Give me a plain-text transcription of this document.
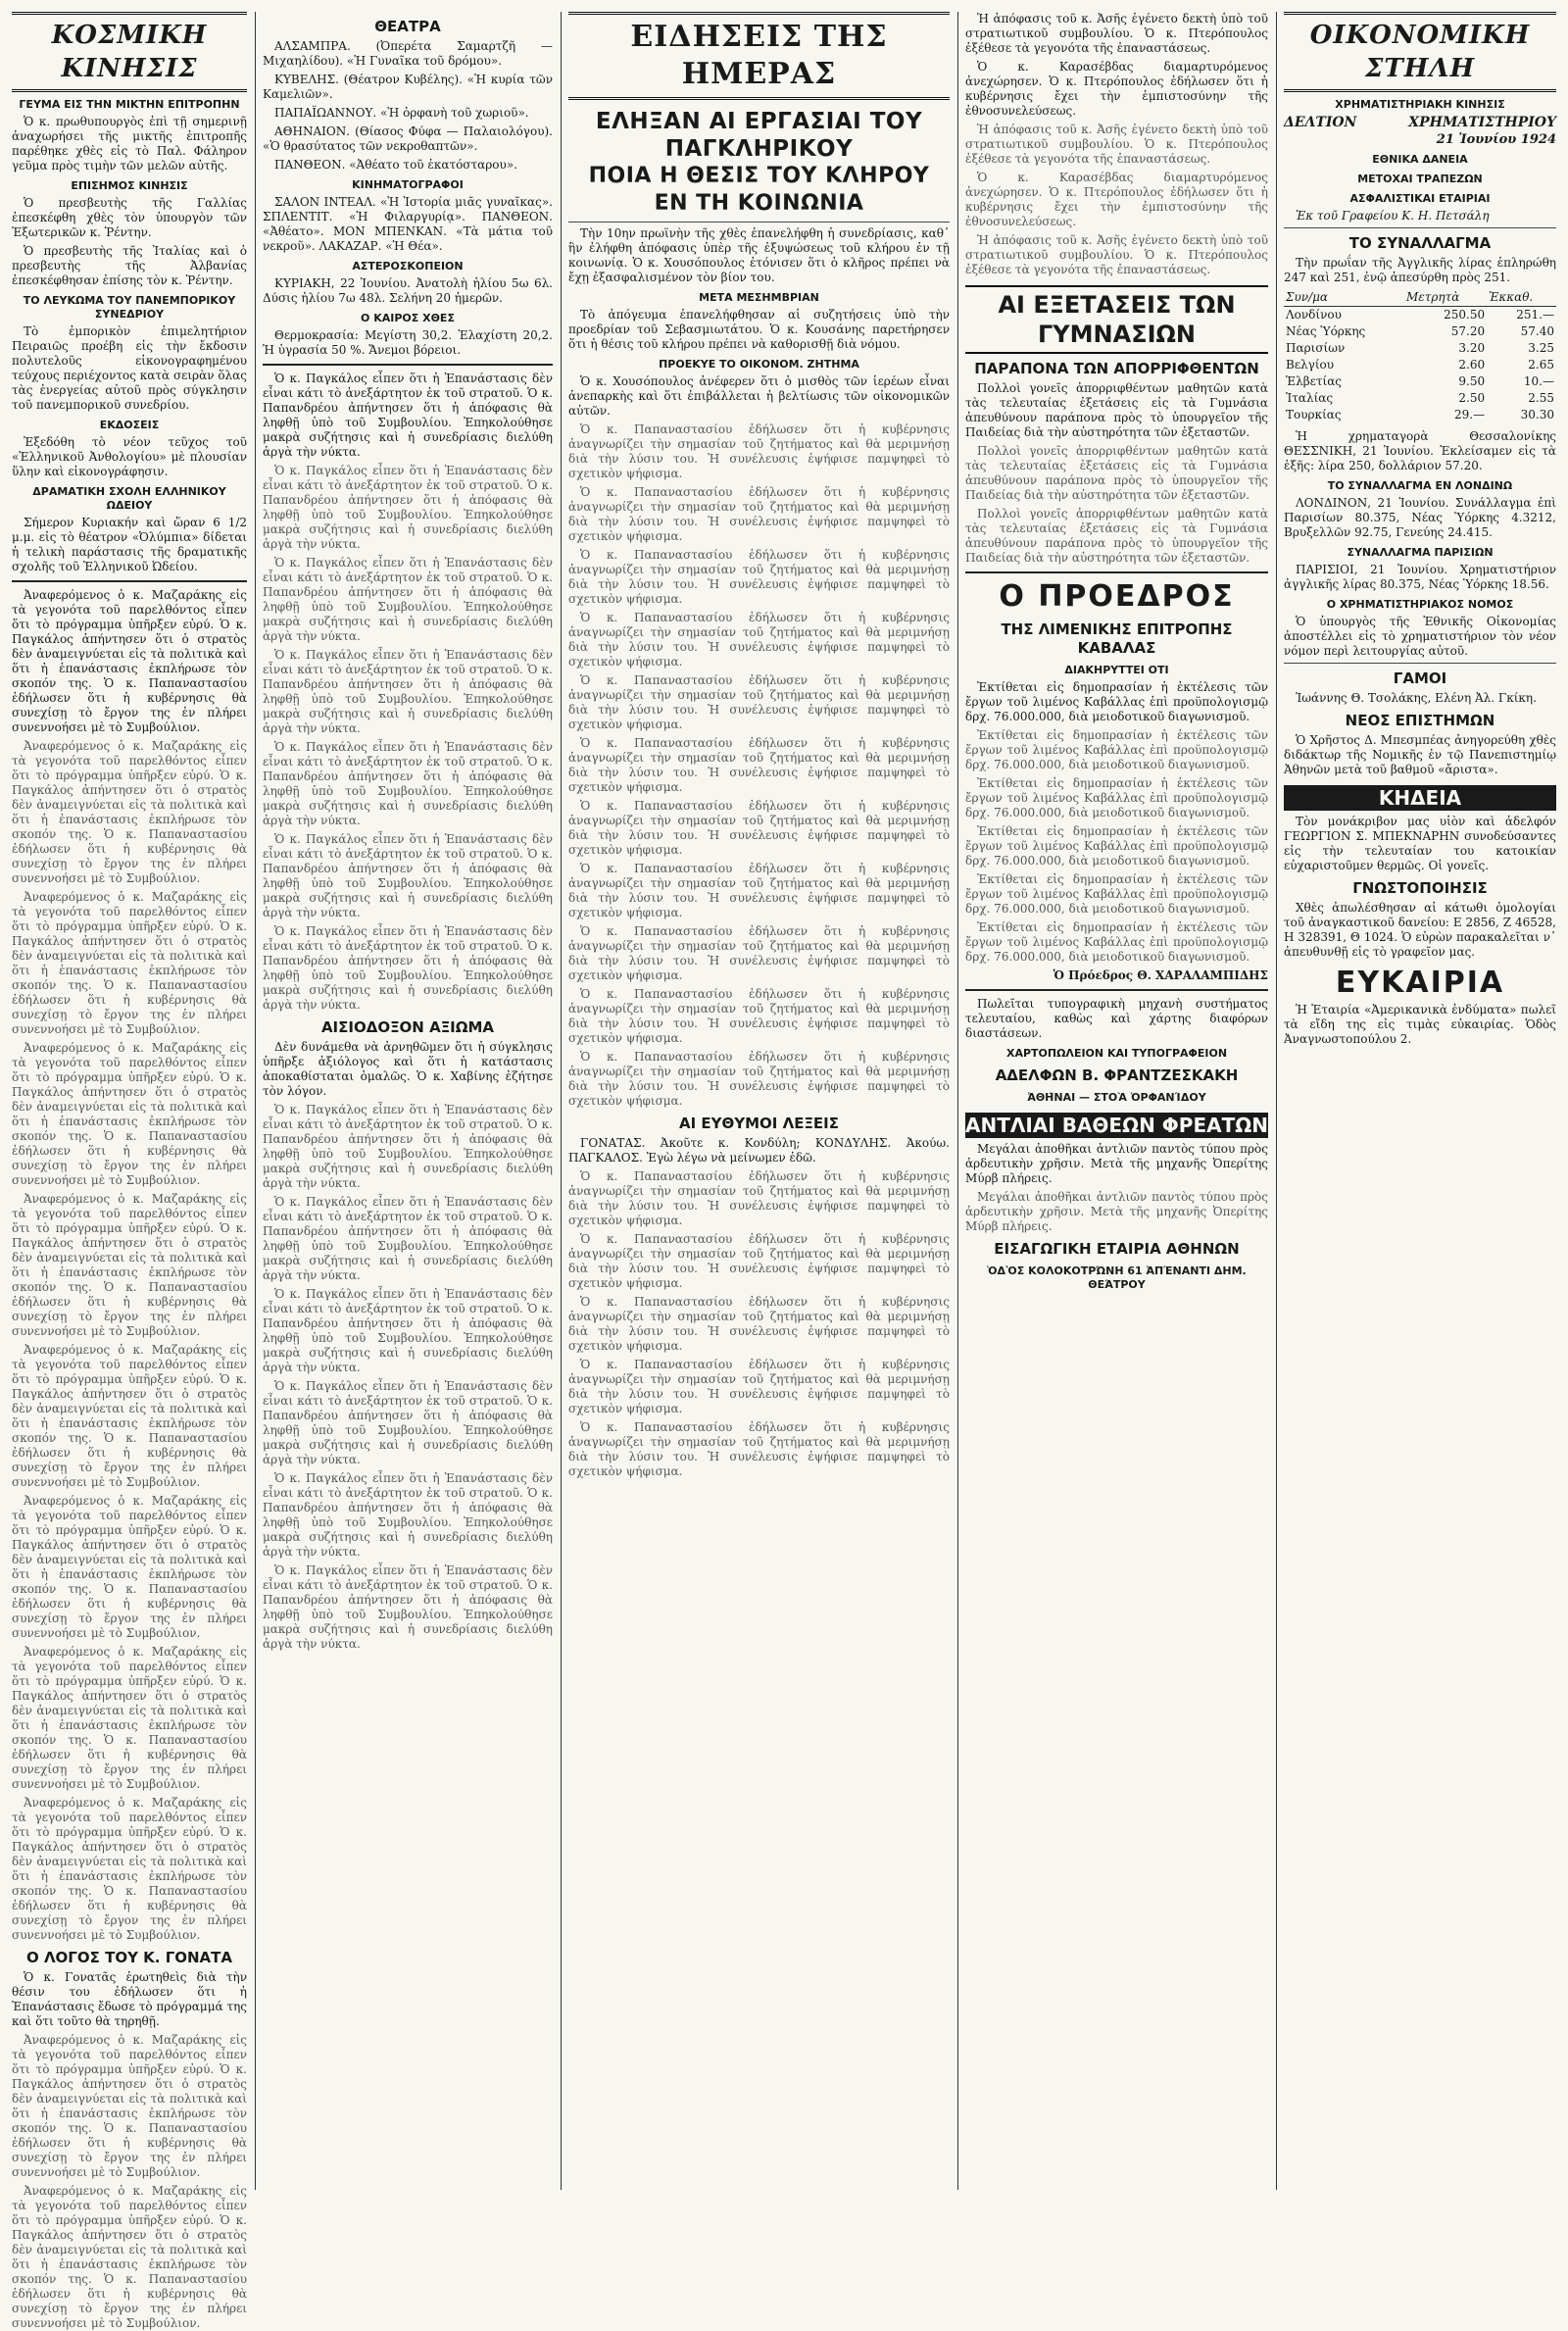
ΚΟΣΜΙΚΗ ΚΙΝΗΣΙΣ
ΓΕΥΜΑ ΕΙΣ ΤΗΝ ΜΙΚΤΗΝ ΕΠΙΤΡΟΠΗΝ

Ὁ κ. πρωθυπουργὸς ἐπὶ τῇ σημερινῇ ἀναχωρήσει τῆς μικτῆς ἐπιτροπῆς παρέθηκε χθὲς εἰς τὸ Παλ. Φάληρον γεῦμα πρὸς τιμὴν τῶν μελῶν αὐτῆς.

ΕΠΙΣΗΜΟΣ ΚΙΝΗΣΙΣ

Ὁ πρεσβευτὴς τῆς Γαλλίας ἐπεσκέφθη χθὲς τὸν ὑπουργὸν τῶν Ἐξωτερικῶν κ. Ῥέντην.

Ὁ πρεσβευτὴς τῆς Ἰταλίας καὶ ὁ πρεσβευτὴς τῆς Ἀλβανίας ἐπεσκέφθησαν ἐπίσης τὸν κ. Ῥέντην.

ΤΟ ΛΕΥΚΩΜΑ ΤΟΥ ΠΑΝΕΜΠΟΡΙΚΟΥ ΣΥΝΕΔΡΙΟΥ

Τὸ ἐμπορικὸν ἐπιμελητήριον Πειραιῶς προέβη εἰς τὴν ἔκδοσιν πολυτελοῦς εἰκονογραφημένου τεύχους περιέχοντος κατὰ σειρὰν ὅλας τὰς ἐνεργείας αὐτοῦ πρὸς σύγκλησιν τοῦ πανεμπορικοῦ συνεδρίου.

ΕΚΔΟΣΕΙΣ

Ἐξεδόθη τὸ νέον τεῦχος τοῦ «Ἑλληνικοῦ Ἀνθολογίου» μὲ πλουσίαν ὕλην καὶ εἰκονογράφησιν.

ΔΡΑΜΑΤΙΚΗ ΣΧΟΛΗ ΕΛΛΗΝΙΚΟΥ ΩΔΕΙΟΥ

Σήμερον Κυριακήν καὶ ὥραν 6 1/2 μ.μ. εἰς τὸ θέατρον «Ὀλύμπια» δίδεται ἡ τελικὴ παράστασις τῆς δραματικῆς σχολῆς τοῦ Ἑλληνικοῦ Ὠδείου.

Ἀναφερόμενος ὁ κ. Μαζαράκης εἰς τὰ γεγονότα τοῦ παρελθόντος εἶπεν ὅτι τὸ πρόγραμμα ὑπῆρξεν εὐρύ. Ὁ κ. Παγκάλος ἀπήντησεν ὅτι ὁ στρατὸς δὲν ἀναμειγνύεται εἰς τὰ πολιτικὰ καὶ ὅτι ἡ ἐπανάστασις ἐκπλήρωσε τὸν σκοπόν της. Ὁ κ. Παπαναστασίου ἐδήλωσεν ὅτι ἡ κυβέρνησις θὰ συνεχίσῃ τὸ ἔργον της ἐν πλήρει συνεννοήσει μὲ τὸ Συμβούλιον.

Ἀναφερόμενος ὁ κ. Μαζαράκης εἰς τὰ γεγονότα τοῦ παρελθόντος εἶπεν ὅτι τὸ πρόγραμμα ὑπῆρξεν εὐρύ. Ὁ κ. Παγκάλος ἀπήντησεν ὅτι ὁ στρατὸς δὲν ἀναμειγνύεται εἰς τὰ πολιτικὰ καὶ ὅτι ἡ ἐπανάστασις ἐκπλήρωσε τὸν σκοπόν της. Ὁ κ. Παπαναστασίου ἐδήλωσεν ὅτι ἡ κυβέρνησις θὰ συνεχίσῃ τὸ ἔργον της ἐν πλήρει συνεννοήσει μὲ τὸ Συμβούλιον.

Ἀναφερόμενος ὁ κ. Μαζαράκης εἰς τὰ γεγονότα τοῦ παρελθόντος εἶπεν ὅτι τὸ πρόγραμμα ὑπῆρξεν εὐρύ. Ὁ κ. Παγκάλος ἀπήντησεν ὅτι ὁ στρατὸς δὲν ἀναμειγνύεται εἰς τὰ πολιτικὰ καὶ ὅτι ἡ ἐπανάστασις ἐκπλήρωσε τὸν σκοπόν της. Ὁ κ. Παπαναστασίου ἐδήλωσεν ὅτι ἡ κυβέρνησις θὰ συνεχίσῃ τὸ ἔργον της ἐν πλήρει συνεννοήσει μὲ τὸ Συμβούλιον.

Ἀναφερόμενος ὁ κ. Μαζαράκης εἰς τὰ γεγονότα τοῦ παρελθόντος εἶπεν ὅτι τὸ πρόγραμμα ὑπῆρξεν εὐρύ. Ὁ κ. Παγκάλος ἀπήντησεν ὅτι ὁ στρατὸς δὲν ἀναμειγνύεται εἰς τὰ πολιτικὰ καὶ ὅτι ἡ ἐπανάστασις ἐκπλήρωσε τὸν σκοπόν της. Ὁ κ. Παπαναστασίου ἐδήλωσεν ὅτι ἡ κυβέρνησις θὰ συνεχίσῃ τὸ ἔργον της ἐν πλήρει συνεννοήσει μὲ τὸ Συμβούλιον.

Ἀναφερόμενος ὁ κ. Μαζαράκης εἰς τὰ γεγονότα τοῦ παρελθόντος εἶπεν ὅτι τὸ πρόγραμμα ὑπῆρξεν εὐρύ. Ὁ κ. Παγκάλος ἀπήντησεν ὅτι ὁ στρατὸς δὲν ἀναμειγνύεται εἰς τὰ πολιτικὰ καὶ ὅτι ἡ ἐπανάστασις ἐκπλήρωσε τὸν σκοπόν της. Ὁ κ. Παπαναστασίου ἐδήλωσεν ὅτι ἡ κυβέρνησις θὰ συνεχίσῃ τὸ ἔργον της ἐν πλήρει συνεννοήσει μὲ τὸ Συμβούλιον.

Ἀναφερόμενος ὁ κ. Μαζαράκης εἰς τὰ γεγονότα τοῦ παρελθόντος εἶπεν ὅτι τὸ πρόγραμμα ὑπῆρξεν εὐρύ. Ὁ κ. Παγκάλος ἀπήντησεν ὅτι ὁ στρατὸς δὲν ἀναμειγνύεται εἰς τὰ πολιτικὰ καὶ ὅτι ἡ ἐπανάστασις ἐκπλήρωσε τὸν σκοπόν της. Ὁ κ. Παπαναστασίου ἐδήλωσεν ὅτι ἡ κυβέρνησις θὰ συνεχίσῃ τὸ ἔργον της ἐν πλήρει συνεννοήσει μὲ τὸ Συμβούλιον.

Ἀναφερόμενος ὁ κ. Μαζαράκης εἰς τὰ γεγονότα τοῦ παρελθόντος εἶπεν ὅτι τὸ πρόγραμμα ὑπῆρξεν εὐρύ. Ὁ κ. Παγκάλος ἀπήντησεν ὅτι ὁ στρατὸς δὲν ἀναμειγνύεται εἰς τὰ πολιτικὰ καὶ ὅτι ἡ ἐπανάστασις ἐκπλήρωσε τὸν σκοπόν της. Ὁ κ. Παπαναστασίου ἐδήλωσεν ὅτι ἡ κυβέρνησις θὰ συνεχίσῃ τὸ ἔργον της ἐν πλήρει συνεννοήσει μὲ τὸ Συμβούλιον.

Ἀναφερόμενος ὁ κ. Μαζαράκης εἰς τὰ γεγονότα τοῦ παρελθόντος εἶπεν ὅτι τὸ πρόγραμμα ὑπῆρξεν εὐρύ. Ὁ κ. Παγκάλος ἀπήντησεν ὅτι ὁ στρατὸς δὲν ἀναμειγνύεται εἰς τὰ πολιτικὰ καὶ ὅτι ἡ ἐπανάστασις ἐκπλήρωσε τὸν σκοπόν της. Ὁ κ. Παπαναστασίου ἐδήλωσεν ὅτι ἡ κυβέρνησις θὰ συνεχίσῃ τὸ ἔργον της ἐν πλήρει συνεννοήσει μὲ τὸ Συμβούλιον.

Ἀναφερόμενος ὁ κ. Μαζαράκης εἰς τὰ γεγονότα τοῦ παρελθόντος εἶπεν ὅτι τὸ πρόγραμμα ὑπῆρξεν εὐρύ. Ὁ κ. Παγκάλος ἀπήντησεν ὅτι ὁ στρατὸς δὲν ἀναμειγνύεται εἰς τὰ πολιτικὰ καὶ ὅτι ἡ ἐπανάστασις ἐκπλήρωσε τὸν σκοπόν της. Ὁ κ. Παπαναστασίου ἐδήλωσεν ὅτι ἡ κυβέρνησις θὰ συνεχίσῃ τὸ ἔργον της ἐν πλήρει συνεννοήσει μὲ τὸ Συμβούλιον.

Ο ΛΟΓΟΣ ΤΟΥ Κ. ΓΟΝΑΤΑ

Ὁ κ. Γονατᾶς ἐρωτηθεὶς διὰ τὴν θέσιν του ἐδήλωσεν ὅτι ἡ Ἐπανάστασις ἔδωσε τὸ πρόγραμμά της καὶ ὅτι τοῦτο θὰ τηρηθῇ.

Ἀναφερόμενος ὁ κ. Μαζαράκης εἰς τὰ γεγονότα τοῦ παρελθόντος εἶπεν ὅτι τὸ πρόγραμμα ὑπῆρξεν εὐρύ. Ὁ κ. Παγκάλος ἀπήντησεν ὅτι ὁ στρατὸς δὲν ἀναμειγνύεται εἰς τὰ πολιτικὰ καὶ ὅτι ἡ ἐπανάστασις ἐκπλήρωσε τὸν σκοπόν της. Ὁ κ. Παπαναστασίου ἐδήλωσεν ὅτι ἡ κυβέρνησις θὰ συνεχίσῃ τὸ ἔργον της ἐν πλήρει συνεννοήσει μὲ τὸ Συμβούλιον.

Ἀναφερόμενος ὁ κ. Μαζαράκης εἰς τὰ γεγονότα τοῦ παρελθόντος εἶπεν ὅτι τὸ πρόγραμμα ὑπῆρξεν εὐρύ. Ὁ κ. Παγκάλος ἀπήντησεν ὅτι ὁ στρατὸς δὲν ἀναμειγνύεται εἰς τὰ πολιτικὰ καὶ ὅτι ἡ ἐπανάστασις ἐκπλήρωσε τὸν σκοπόν της. Ὁ κ. Παπαναστασίου ἐδήλωσεν ὅτι ἡ κυβέρνησις θὰ συνεχίσῃ τὸ ἔργον της ἐν πλήρει συνεννοήσει μὲ τὸ Συμβούλιον.

ΘΕΑΤΡΑ

ΑΛΣΑΜΠΡΑ. (Ὀπερέτα Σαμαρτζῆ — Μιχαηλίδου). «Ἡ Γυναῖκα τοῦ δρόμου».

ΚΥΒΕΛΗΣ. (Θέατρον Κυβέλης). «Ἡ κυρία τῶν Καμελιῶν».

ΠΑΠΑΪΩΑΝΝΟΥ. «Ἡ ὀρφανὴ τοῦ χωριοῦ».

ΑΘΗΝΑΙΟΝ. (Θίασος Φύφα — Παλαιολόγου). «Ὁ θρασύτατος τῶν νεκροθαπτῶν».

ΠΑΝΘΕΟΝ. «Ἀθέατο τοῦ ἐκατόσταρου».

ΚΙΝΗΜΑΤΟΓΡΑΦΟΙ

ΣΑΛΟΝ ΙΝΤΕΑΛ. «Ἡ Ἰστορία μιᾶς γυναῖκας». ΣΠΛΕΝΤΙΤ. «Ἡ Φιλαργυρίᾳ». ΠΑΝΘΕΟΝ. «Ἀθέατο». ΜΟΝ ΜΠΕΝΚΑΝ. «Τὰ μάτια τοῦ νεκροῦ». ΛΑΚΑΖΑΡ. «Ἡ Θέα».

ΑΣΤΕΡΟΣΚΟΠΕΙΟΝ

ΚΥΡΙΑΚΗ, 22 Ἰουνίου. Ἀνατολὴ ἡλίου 5ω 6λ. Δύσις ἡλίου 7ω 48λ. Σελήνη 20 ἡμερῶν.

Ο ΚΑΙΡΟΣ ΧΘΕΣ

Θερμοκρασία: Μεγίστη 30,2. Ἐλαχίστη 20,2. Ἡ ὑγρασία 50 %. Ἄνεμοι βόρειοι.

Ὁ κ. Παγκάλος εἶπεν ὅτι ἡ Ἐπανάστασις δὲν εἶναι κάτι τὸ ἀνεξάρτητον ἐκ τοῦ στρατοῦ. Ὁ κ. Παπανδρέου ἀπήντησεν ὅτι ἡ ἀπόφασις θὰ ληφθῇ ὑπὸ τοῦ Συμβουλίου. Ἐπηκολούθησε μακρὰ συζήτησις καὶ ἡ συνεδρίασις διελύθη ἀργὰ τὴν νύκτα.

Ὁ κ. Παγκάλος εἶπεν ὅτι ἡ Ἐπανάστασις δὲν εἶναι κάτι τὸ ἀνεξάρτητον ἐκ τοῦ στρατοῦ. Ὁ κ. Παπανδρέου ἀπήντησεν ὅτι ἡ ἀπόφασις θὰ ληφθῇ ὑπὸ τοῦ Συμβουλίου. Ἐπηκολούθησε μακρὰ συζήτησις καὶ ἡ συνεδρίασις διελύθη ἀργὰ τὴν νύκτα.

Ὁ κ. Παγκάλος εἶπεν ὅτι ἡ Ἐπανάστασις δὲν εἶναι κάτι τὸ ἀνεξάρτητον ἐκ τοῦ στρατοῦ. Ὁ κ. Παπανδρέου ἀπήντησεν ὅτι ἡ ἀπόφασις θὰ ληφθῇ ὑπὸ τοῦ Συμβουλίου. Ἐπηκολούθησε μακρὰ συζήτησις καὶ ἡ συνεδρίασις διελύθη ἀργὰ τὴν νύκτα.

Ὁ κ. Παγκάλος εἶπεν ὅτι ἡ Ἐπανάστασις δὲν εἶναι κάτι τὸ ἀνεξάρτητον ἐκ τοῦ στρατοῦ. Ὁ κ. Παπανδρέου ἀπήντησεν ὅτι ἡ ἀπόφασις θὰ ληφθῇ ὑπὸ τοῦ Συμβουλίου. Ἐπηκολούθησε μακρὰ συζήτησις καὶ ἡ συνεδρίασις διελύθη ἀργὰ τὴν νύκτα.

Ὁ κ. Παγκάλος εἶπεν ὅτι ἡ Ἐπανάστασις δὲν εἶναι κάτι τὸ ἀνεξάρτητον ἐκ τοῦ στρατοῦ. Ὁ κ. Παπανδρέου ἀπήντησεν ὅτι ἡ ἀπόφασις θὰ ληφθῇ ὑπὸ τοῦ Συμβουλίου. Ἐπηκολούθησε μακρὰ συζήτησις καὶ ἡ συνεδρίασις διελύθη ἀργὰ τὴν νύκτα.

Ὁ κ. Παγκάλος εἶπεν ὅτι ἡ Ἐπανάστασις δὲν εἶναι κάτι τὸ ἀνεξάρτητον ἐκ τοῦ στρατοῦ. Ὁ κ. Παπανδρέου ἀπήντησεν ὅτι ἡ ἀπόφασις θὰ ληφθῇ ὑπὸ τοῦ Συμβουλίου. Ἐπηκολούθησε μακρὰ συζήτησις καὶ ἡ συνεδρίασις διελύθη ἀργὰ τὴν νύκτα.

Ὁ κ. Παγκάλος εἶπεν ὅτι ἡ Ἐπανάστασις δὲν εἶναι κάτι τὸ ἀνεξάρτητον ἐκ τοῦ στρατοῦ. Ὁ κ. Παπανδρέου ἀπήντησεν ὅτι ἡ ἀπόφασις θὰ ληφθῇ ὑπὸ τοῦ Συμβουλίου. Ἐπηκολούθησε μακρὰ συζήτησις καὶ ἡ συνεδρίασις διελύθη ἀργὰ τὴν νύκτα.

ΑΙΣΙΟΔΟΞΟΝ ΑΞΙΩΜΑ

Δὲν δυνάμεθα νὰ ἀρνηθῶμεν ὅτι ἡ σύγκλησις ὑπῆρξε ἀξιόλογος καὶ ὅτι ἡ κατάστασις ἀποκαθίσταται ὁμαλῶς. Ὁ κ. Χαβίνης ἐζήτησε τὸν λόγον.

Ὁ κ. Παγκάλος εἶπεν ὅτι ἡ Ἐπανάστασις δὲν εἶναι κάτι τὸ ἀνεξάρτητον ἐκ τοῦ στρατοῦ. Ὁ κ. Παπανδρέου ἀπήντησεν ὅτι ἡ ἀπόφασις θὰ ληφθῇ ὑπὸ τοῦ Συμβουλίου. Ἐπηκολούθησε μακρὰ συζήτησις καὶ ἡ συνεδρίασις διελύθη ἀργὰ τὴν νύκτα.

Ὁ κ. Παγκάλος εἶπεν ὅτι ἡ Ἐπανάστασις δὲν εἶναι κάτι τὸ ἀνεξάρτητον ἐκ τοῦ στρατοῦ. Ὁ κ. Παπανδρέου ἀπήντησεν ὅτι ἡ ἀπόφασις θὰ ληφθῇ ὑπὸ τοῦ Συμβουλίου. Ἐπηκολούθησε μακρὰ συζήτησις καὶ ἡ συνεδρίασις διελύθη ἀργὰ τὴν νύκτα.

Ὁ κ. Παγκάλος εἶπεν ὅτι ἡ Ἐπανάστασις δὲν εἶναι κάτι τὸ ἀνεξάρτητον ἐκ τοῦ στρατοῦ. Ὁ κ. Παπανδρέου ἀπήντησεν ὅτι ἡ ἀπόφασις θὰ ληφθῇ ὑπὸ τοῦ Συμβουλίου. Ἐπηκολούθησε μακρὰ συζήτησις καὶ ἡ συνεδρίασις διελύθη ἀργὰ τὴν νύκτα.

Ὁ κ. Παγκάλος εἶπεν ὅτι ἡ Ἐπανάστασις δὲν εἶναι κάτι τὸ ἀνεξάρτητον ἐκ τοῦ στρατοῦ. Ὁ κ. Παπανδρέου ἀπήντησεν ὅτι ἡ ἀπόφασις θὰ ληφθῇ ὑπὸ τοῦ Συμβουλίου. Ἐπηκολούθησε μακρὰ συζήτησις καὶ ἡ συνεδρίασις διελύθη ἀργὰ τὴν νύκτα.

Ὁ κ. Παγκάλος εἶπεν ὅτι ἡ Ἐπανάστασις δὲν εἶναι κάτι τὸ ἀνεξάρτητον ἐκ τοῦ στρατοῦ. Ὁ κ. Παπανδρέου ἀπήντησεν ὅτι ἡ ἀπόφασις θὰ ληφθῇ ὑπὸ τοῦ Συμβουλίου. Ἐπηκολούθησε μακρὰ συζήτησις καὶ ἡ συνεδρίασις διελύθη ἀργὰ τὴν νύκτα.

Ὁ κ. Παγκάλος εἶπεν ὅτι ἡ Ἐπανάστασις δὲν εἶναι κάτι τὸ ἀνεξάρτητον ἐκ τοῦ στρατοῦ. Ὁ κ. Παπανδρέου ἀπήντησεν ὅτι ἡ ἀπόφασις θὰ ληφθῇ ὑπὸ τοῦ Συμβουλίου. Ἐπηκολούθησε μακρὰ συζήτησις καὶ ἡ συνεδρίασις διελύθη ἀργὰ τὴν νύκτα.

ΕΙΔΗΣΕΙΣ ΤΗΣ ΗΜΕΡΑΣ
ΕΛΗΞΑΝ ΑΙ ΕΡΓΑΣΙΑΙ ΤΟΥ ΠΑΓΚΛΗΡΙΚΟΥ
ΠΟΙΑ Η ΘΕΣΙΣ ΤΟΥ ΚΛΗΡΟΥ ΕΝ ΤΗ ΚΟΙΝΩΝΙΑ

Τὴν 10ην πρωϊνὴν τῆς χθὲς ἐπανελήφθη ἡ συνεδρίασις, καθ᾽ ἣν ἐλήφθη ἀπόφασις ὑπὲρ τῆς ἐξυψώσεως τοῦ κλήρου ἐν τῇ κοινωνίᾳ. Ὁ κ. Χουσόπουλος ἐτόνισεν ὅτι ὁ κλῆρος πρέπει νὰ ἔχῃ ἐξασφαλισμένον τὸν βίον του.

ΜΕΤΑ ΜΕΣΗΜΒΡΙΑΝ

Τὸ ἀπόγευμα ἐπανελήφθησαν αἱ συζητήσεις ὑπὸ τὴν προεδρίαν τοῦ Σεβασμιωτάτου. Ὁ κ. Κουσάνης παρετήρησεν ὅτι ἡ θέσις τοῦ κλήρου πρέπει νὰ καθορισθῇ διὰ νόμου.

ΠΡΟΕΚΥΕ ΤΟ ΟΙΚΟΝΟΜ. ΖΗΤΗΜΑ

Ὁ κ. Χουσόπουλος ἀνέφερεν ὅτι ὁ μισθὸς τῶν ἱερέων εἶναι ἀνεπαρκὴς καὶ ὅτι ἐπιβάλλεται ἡ βελτίωσις τῶν οἰκονομικῶν αὐτῶν.

Ὁ κ. Παπαναστασίου ἐδήλωσεν ὅτι ἡ κυβέρνησις ἀναγνωρίζει τὴν σημασίαν τοῦ ζητήματος καὶ θὰ μεριμνήσῃ διὰ τὴν λύσιν του. Ἡ συνέλευσις ἐψήφισε παμψηφεὶ τὸ σχετικὸν ψήφισμα.

Ὁ κ. Παπαναστασίου ἐδήλωσεν ὅτι ἡ κυβέρνησις ἀναγνωρίζει τὴν σημασίαν τοῦ ζητήματος καὶ θὰ μεριμνήσῃ διὰ τὴν λύσιν του. Ἡ συνέλευσις ἐψήφισε παμψηφεὶ τὸ σχετικὸν ψήφισμα.

Ὁ κ. Παπαναστασίου ἐδήλωσεν ὅτι ἡ κυβέρνησις ἀναγνωρίζει τὴν σημασίαν τοῦ ζητήματος καὶ θὰ μεριμνήσῃ διὰ τὴν λύσιν του. Ἡ συνέλευσις ἐψήφισε παμψηφεὶ τὸ σχετικὸν ψήφισμα.

Ὁ κ. Παπαναστασίου ἐδήλωσεν ὅτι ἡ κυβέρνησις ἀναγνωρίζει τὴν σημασίαν τοῦ ζητήματος καὶ θὰ μεριμνήσῃ διὰ τὴν λύσιν του. Ἡ συνέλευσις ἐψήφισε παμψηφεὶ τὸ σχετικὸν ψήφισμα.

Ὁ κ. Παπαναστασίου ἐδήλωσεν ὅτι ἡ κυβέρνησις ἀναγνωρίζει τὴν σημασίαν τοῦ ζητήματος καὶ θὰ μεριμνήσῃ διὰ τὴν λύσιν του. Ἡ συνέλευσις ἐψήφισε παμψηφεὶ τὸ σχετικὸν ψήφισμα.

Ὁ κ. Παπαναστασίου ἐδήλωσεν ὅτι ἡ κυβέρνησις ἀναγνωρίζει τὴν σημασίαν τοῦ ζητήματος καὶ θὰ μεριμνήσῃ διὰ τὴν λύσιν του. Ἡ συνέλευσις ἐψήφισε παμψηφεὶ τὸ σχετικὸν ψήφισμα.

Ὁ κ. Παπαναστασίου ἐδήλωσεν ὅτι ἡ κυβέρνησις ἀναγνωρίζει τὴν σημασίαν τοῦ ζητήματος καὶ θὰ μεριμνήσῃ διὰ τὴν λύσιν του. Ἡ συνέλευσις ἐψήφισε παμψηφεὶ τὸ σχετικὸν ψήφισμα.

Ὁ κ. Παπαναστασίου ἐδήλωσεν ὅτι ἡ κυβέρνησις ἀναγνωρίζει τὴν σημασίαν τοῦ ζητήματος καὶ θὰ μεριμνήσῃ διὰ τὴν λύσιν του. Ἡ συνέλευσις ἐψήφισε παμψηφεὶ τὸ σχετικὸν ψήφισμα.

Ὁ κ. Παπαναστασίου ἐδήλωσεν ὅτι ἡ κυβέρνησις ἀναγνωρίζει τὴν σημασίαν τοῦ ζητήματος καὶ θὰ μεριμνήσῃ διὰ τὴν λύσιν του. Ἡ συνέλευσις ἐψήφισε παμψηφεὶ τὸ σχετικὸν ψήφισμα.

Ὁ κ. Παπαναστασίου ἐδήλωσεν ὅτι ἡ κυβέρνησις ἀναγνωρίζει τὴν σημασίαν τοῦ ζητήματος καὶ θὰ μεριμνήσῃ διὰ τὴν λύσιν του. Ἡ συνέλευσις ἐψήφισε παμψηφεὶ τὸ σχετικὸν ψήφισμα.

Ὁ κ. Παπαναστασίου ἐδήλωσεν ὅτι ἡ κυβέρνησις ἀναγνωρίζει τὴν σημασίαν τοῦ ζητήματος καὶ θὰ μεριμνήσῃ διὰ τὴν λύσιν του. Ἡ συνέλευσις ἐψήφισε παμψηφεὶ τὸ σχετικὸν ψήφισμα.

ΑΙ ΕΥΘΥΜΟΙ ΛΕΞΕΙΣ

ΓΟΝΑΤΑΣ. Ἀκοῦτε κ. Κονδύλη; ΚΟΝΔΥΛΗΣ. Ἀκούω. ΠΑΓΚΑΛΟΣ. Ἐγὼ λέγω νὰ μείνωμεν ἐδῶ.

Ὁ κ. Παπαναστασίου ἐδήλωσεν ὅτι ἡ κυβέρνησις ἀναγνωρίζει τὴν σημασίαν τοῦ ζητήματος καὶ θὰ μεριμνήσῃ διὰ τὴν λύσιν του. Ἡ συνέλευσις ἐψήφισε παμψηφεὶ τὸ σχετικὸν ψήφισμα.

Ὁ κ. Παπαναστασίου ἐδήλωσεν ὅτι ἡ κυβέρνησις ἀναγνωρίζει τὴν σημασίαν τοῦ ζητήματος καὶ θὰ μεριμνήσῃ διὰ τὴν λύσιν του. Ἡ συνέλευσις ἐψήφισε παμψηφεὶ τὸ σχετικὸν ψήφισμα.

Ὁ κ. Παπαναστασίου ἐδήλωσεν ὅτι ἡ κυβέρνησις ἀναγνωρίζει τὴν σημασίαν τοῦ ζητήματος καὶ θὰ μεριμνήσῃ διὰ τὴν λύσιν του. Ἡ συνέλευσις ἐψήφισε παμψηφεὶ τὸ σχετικὸν ψήφισμα.

Ὁ κ. Παπαναστασίου ἐδήλωσεν ὅτι ἡ κυβέρνησις ἀναγνωρίζει τὴν σημασίαν τοῦ ζητήματος καὶ θὰ μεριμνήσῃ διὰ τὴν λύσιν του. Ἡ συνέλευσις ἐψήφισε παμψηφεὶ τὸ σχετικὸν ψήφισμα.

Ὁ κ. Παπαναστασίου ἐδήλωσεν ὅτι ἡ κυβέρνησις ἀναγνωρίζει τὴν σημασίαν τοῦ ζητήματος καὶ θὰ μεριμνήσῃ διὰ τὴν λύσιν του. Ἡ συνέλευσις ἐψήφισε παμψηφεὶ τὸ σχετικὸν ψήφισμα.

Ἡ ἀπόφασις τοῦ κ. Ἀσῆς ἐγένετο δεκτὴ ὑπὸ τοῦ στρατιωτικοῦ συμβουλίου. Ὁ κ. Πτερόπουλος ἐξέθεσε τὰ γεγονότα τῆς ἐπαναστάσεως.

Ὁ κ. Καρασέβδας διαμαρτυρόμενος ἀνεχώρησεν. Ὁ κ. Πτερόπουλος ἐδήλωσεν ὅτι ἡ κυβέρνησις ἔχει τὴν ἐμπιστοσύνην τῆς ἐθνοσυνελεύσεως.

Ἡ ἀπόφασις τοῦ κ. Ἀσῆς ἐγένετο δεκτὴ ὑπὸ τοῦ στρατιωτικοῦ συμβουλίου. Ὁ κ. Πτερόπουλος ἐξέθεσε τὰ γεγονότα τῆς ἐπαναστάσεως.

Ὁ κ. Καρασέβδας διαμαρτυρόμενος ἀνεχώρησεν. Ὁ κ. Πτερόπουλος ἐδήλωσεν ὅτι ἡ κυβέρνησις ἔχει τὴν ἐμπιστοσύνην τῆς ἐθνοσυνελεύσεως.

Ἡ ἀπόφασις τοῦ κ. Ἀσῆς ἐγένετο δεκτὴ ὑπὸ τοῦ στρατιωτικοῦ συμβουλίου. Ὁ κ. Πτερόπουλος ἐξέθεσε τὰ γεγονότα τῆς ἐπαναστάσεως.

ΑΙ ΕΞΕΤΑΣΕΙΣ ΤΩΝ ΓΥΜΝΑΣΙΩΝ
ΠΑΡΑΠΟΝΑ ΤΩΝ ΑΠΟΡΡΙΦΘΕΝΤΩΝ

Πολλοὶ γονεῖς ἀπορριφθέντων μαθητῶν κατὰ τὰς τελευταίας ἐξετάσεις εἰς τὰ Γυμνάσια ἀπευθύνουν παράπονα πρὸς τὸ ὑπουργεῖον τῆς Παιδείας διὰ τὴν αὐστηρότητα τῶν ἐξεταστῶν.

Πολλοὶ γονεῖς ἀπορριφθέντων μαθητῶν κατὰ τὰς τελευταίας ἐξετάσεις εἰς τὰ Γυμνάσια ἀπευθύνουν παράπονα πρὸς τὸ ὑπουργεῖον τῆς Παιδείας διὰ τὴν αὐστηρότητα τῶν ἐξεταστῶν.

Πολλοὶ γονεῖς ἀπορριφθέντων μαθητῶν κατὰ τὰς τελευταίας ἐξετάσεις εἰς τὰ Γυμνάσια ἀπευθύνουν παράπονα πρὸς τὸ ὑπουργεῖον τῆς Παιδείας διὰ τὴν αὐστηρότητα τῶν ἐξεταστῶν.

Ο ΠΡΟΕΔΡΟΣ
ΤΗΣ ΛΙΜΕΝΙΚΗΣ ΕΠΙΤΡΟΠΗΣ ΚΑΒΑΛΑΣ
ΔΙΑΚΗΡΥΤΤΕΙ ΟΤΙ

Ἐκτίθεται εἰς δημοπρασίαν ἡ ἐκτέλεσις τῶν ἔργων τοῦ λιμένος Καβάλλας ἐπὶ προϋπολογισμῷ δρχ. 76.000.000, διὰ μειοδοτικοῦ διαγωνισμοῦ.

Ἐκτίθεται εἰς δημοπρασίαν ἡ ἐκτέλεσις τῶν ἔργων τοῦ λιμένος Καβάλλας ἐπὶ προϋπολογισμῷ δρχ. 76.000.000, διὰ μειοδοτικοῦ διαγωνισμοῦ.

Ἐκτίθεται εἰς δημοπρασίαν ἡ ἐκτέλεσις τῶν ἔργων τοῦ λιμένος Καβάλλας ἐπὶ προϋπολογισμῷ δρχ. 76.000.000, διὰ μειοδοτικοῦ διαγωνισμοῦ.

Ἐκτίθεται εἰς δημοπρασίαν ἡ ἐκτέλεσις τῶν ἔργων τοῦ λιμένος Καβάλλας ἐπὶ προϋπολογισμῷ δρχ. 76.000.000, διὰ μειοδοτικοῦ διαγωνισμοῦ.

Ἐκτίθεται εἰς δημοπρασίαν ἡ ἐκτέλεσις τῶν ἔργων τοῦ λιμένος Καβάλλας ἐπὶ προϋπολογισμῷ δρχ. 76.000.000, διὰ μειοδοτικοῦ διαγωνισμοῦ.

Ἐκτίθεται εἰς δημοπρασίαν ἡ ἐκτέλεσις τῶν ἔργων τοῦ λιμένος Καβάλλας ἐπὶ προϋπολογισμῷ δρχ. 76.000.000, διὰ μειοδοτικοῦ διαγωνισμοῦ.

Ὁ Πρόεδρος Θ. ΧΑΡΑΛΑΜΠΙΔΗΣ

Πωλεῖται τυπογραφικὴ μηχανὴ συστήματος τελευταίου, καθὼς καὶ χάρτης διαφόρων διαστάσεων.

ΧΑΡΤΟΠΩΛΕΙΟΝ ΚΑΙ ΤΥΠΟΓΡΑΦΕΙΟΝ
ΑΔΕΛΦΩΝ Β. ΦΡΑΝΤΖΕΣΚΑΚΗ
ἈΘΗ͂ΝΑΙ — ΣΤΟᾺ ὈΡΦΑΝΊΔΟΥ
ΑΝΤΛΙΑΙ ΒΑΘΕΩΝ ΦΡΕΑΤΩΝ

Μεγάλαι ἀποθῆκαι ἀντλιῶν παντὸς τύπου πρὸς ἀρδευτικὴν χρῆσιν. Μετὰ τῆς μηχανῆς Ὀπερίτης Μύρβ πλήρεις.

Μεγάλαι ἀποθῆκαι ἀντλιῶν παντὸς τύπου πρὸς ἀρδευτικὴν χρῆσιν. Μετὰ τῆς μηχανῆς Ὀπερίτης Μύρβ πλήρεις.

ΕΙΣΑΓΩΓΙΚΗ ΕΤΑΙΡΙΑ ΑΘΗΝΩΝ
ὉΔῸΣ ΚΟΛΟΚΟΤΡΏΝΗ 61 ἈΠΈΝΑΝΤΙ ΔΗΜ. ΘΕΆΤΡΟΥ
ΟΙΚΟΝΟΜΙΚΗ ΣΤΗΛΗ
ΧΡΗΜΑΤΙΣΤΗΡΙΑΚΗ ΚΙΝΗΣΙΣ
ΔΕΛΤΙΟΝ	ΧΡΗΜΑΤΙΣΤΗΡΙΟΥ
21 Ἰουνίου 1924
ΕΘΝΙΚΑ ΔΑΝΕΙΑ
ΜΕΤΟΧΑΙ ΤΡΑΠΕΖΩΝ
ΑΣΦΑΛΙΣΤΙΚΑΙ ΕΤΑΙΡΙΑΙ

Ἐκ τοῦ Γραφείου Κ. Η. Πετσάλη

ΤΟ ΣΥΝΑΛΛΑΓΜΑ

Τὴν πρωΐαν τῆς Ἀγγλικῆς λίρας ἐπληρώθη 247 καὶ 251, ἐνῷ ἀπεσύρθη πρὸς 251.

Συν/μα	Μετρητὰ	Ἐκκαθ.
Λονδίνου	250.50	251.—
Νέας Ὑόρκης	57.20	57.40
Παρισίων	3.20	3.25
Βελγίου	2.60	2.65
Ἑλβετίας	9.50	10.—
Ἰταλίας	2.50	2.55
Τουρκίας	29.—	30.30

Ἡ χρηματαγορὰ Θεσσαλονίκης ΘΕΣΣΝΙΚΗ, 21 Ἰουνίου. Ἐκλείσαμεν εἰς τὰ ἑξῆς: λίρα 250, δολλάριον 57.20.

ΤΟ ΣΥΝΑΛΛΑΓΜΑ ΕΝ ΛΟΝΔΙΝΩ

ΛΟΝΔΙΝΟΝ, 21 Ἰουνίου. Συνάλλαγμα ἐπὶ Παρισίων 80.375, Νέας Ὑόρκης 4.3212, Βρυξελλῶν 92.75, Γενεύης 24.415.

ΣΥΝΑΛΛΑΓΜΑ ΠΑΡΙΣΙΩΝ

ΠΑΡΙΣΙΟΙ, 21 Ἰουνίου. Χρηματιστήριον ἀγγλικῆς λίρας 80.375, Νέας Ὑόρκης 18.56.

Ο ΧΡΗΜΑΤΙΣΤΗΡΙΑΚΟΣ ΝΟΜΟΣ

Ὁ ὑπουργὸς τῆς Ἐθνικῆς Οἰκονομίας ἀποστέλλει εἰς τὸ χρηματιστήριον τὸν νέον νόμον περὶ λειτουργίας αὐτοῦ.

ΓΑΜΟΙ

Ἰωάννης Θ. Τσολάκης, Ελένη Ἀλ. Γκίκη.

ΝΕΟΣ ΕΠΙΣΤΗΜΩΝ

Ὁ Χρῆστος Δ. Μπεσμπέας ἀνηγορεύθη χθὲς διδάκτωρ τῆς Νομικῆς ἐν τῷ Πανεπιστημίῳ Ἀθηνῶν μετὰ τοῦ βαθμοῦ «ἄριστα».

ΚΗΔΕΙΑ

Τὸν μονάκριβον μας υἱὸν καὶ ἀδελφόν ΓΕΩΡΓΙΟΝ Σ. ΜΠΕΚΝΑΡΗΝ συνοδεύσαντες εἰς τὴν τελευταίαν του κατοικίαν εὐχαριστοῦμεν θερμῶς. Οἱ γονεῖς.

ΓΝΩΣΤΟΠΟΙΗΣΙΣ

Χθὲς ἀπωλέσθησαν αἱ κάτωθι ὁμολογίαι τοῦ ἀναγκαστικοῦ δανείου: Ε 2856, Ζ 46528, Η 328391, Θ 1024. Ὁ εὑρὼν παρακαλεῖται ν᾽ ἀπευθυνθῇ εἰς τὸ γραφεῖον μας.

ΕΥΚΑΙΡΙΑ

Ἡ Ἑταιρία «Ἀμερικανικὰ ἐνδύματα» πωλεῖ τὰ εἴδη της εἰς τιμὰς εὐκαιρίας. Ὁδὸς Ἀναγνωστοπούλου 2.
